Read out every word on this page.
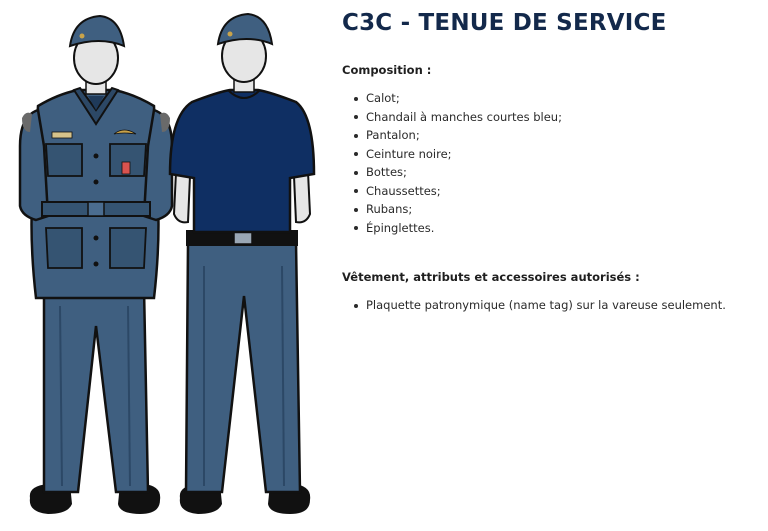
C3C - TENUE DE SERVICE
Composition :
Calot;
Chandail à manches courtes bleu;
Pantalon;
Ceinture noire;
Bottes;
Chaussettes;
Rubans;
Épinglettes.
Vêtement, attributs et accessoires autorisés :
Plaquette patronymique (name tag) sur la vareuse seulement.
